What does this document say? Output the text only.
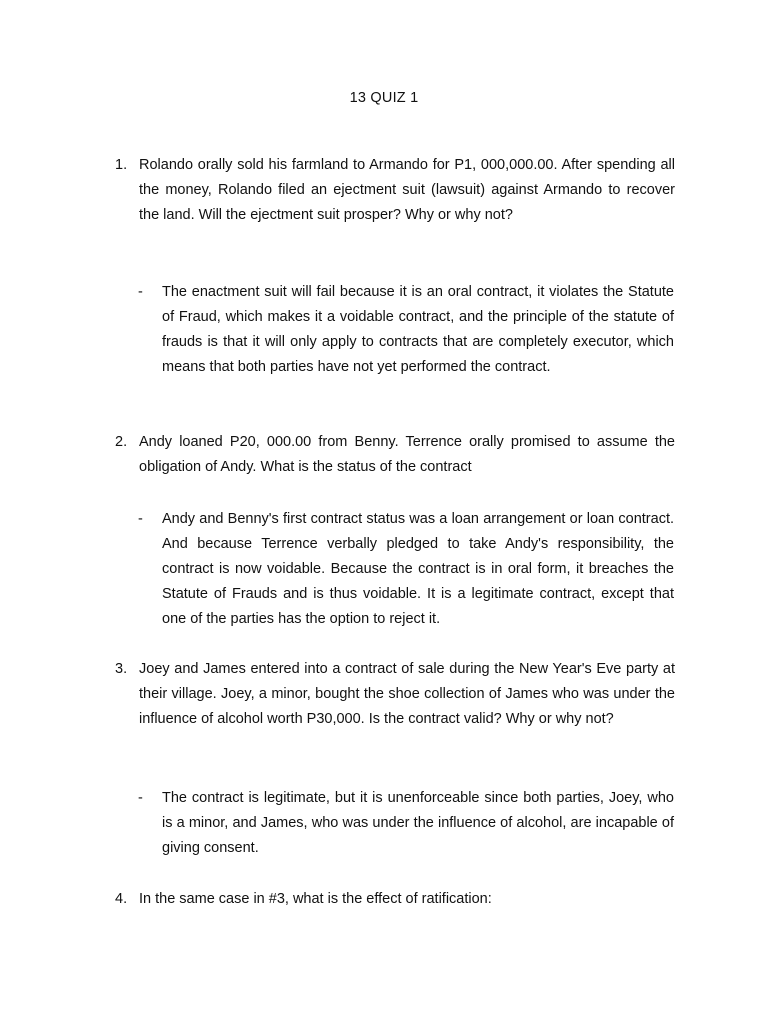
13 QUIZ 1
1. Rolando orally sold his farmland to Armando for P1, 000,000.00. After spending all the money, Rolando filed an ejectment suit (lawsuit) against Armando to recover the land. Will the ejectment suit prosper? Why or why not?
- The enactment suit will fail because it is an oral contract, it violates the Statute of Fraud, which makes it a voidable contract, and the principle of the statute of frauds is that it will only apply to contracts that are completely executor, which means that both parties have not yet performed the contract.
2. Andy loaned P20, 000.00 from Benny. Terrence orally promised to assume the obligation of Andy. What is the status of the contract
- Andy and Benny's first contract status was a loan arrangement or loan contract. And because Terrence verbally pledged to take Andy's responsibility, the contract is now voidable. Because the contract is in oral form, it breaches the Statute of Frauds and is thus voidable. It is a legitimate contract, except that one of the parties has the option to reject it.
3. Joey and James entered into a contract of sale during the New Year's Eve party at their village. Joey, a minor, bought the shoe collection of James who was under the influence of alcohol worth P30,000. Is the contract valid? Why or why not?
- The contract is legitimate, but it is unenforceable since both parties, Joey, who is a minor, and James, who was under the influence of alcohol, are incapable of giving consent.
4. In the same case in #3, what is the effect of ratification:
